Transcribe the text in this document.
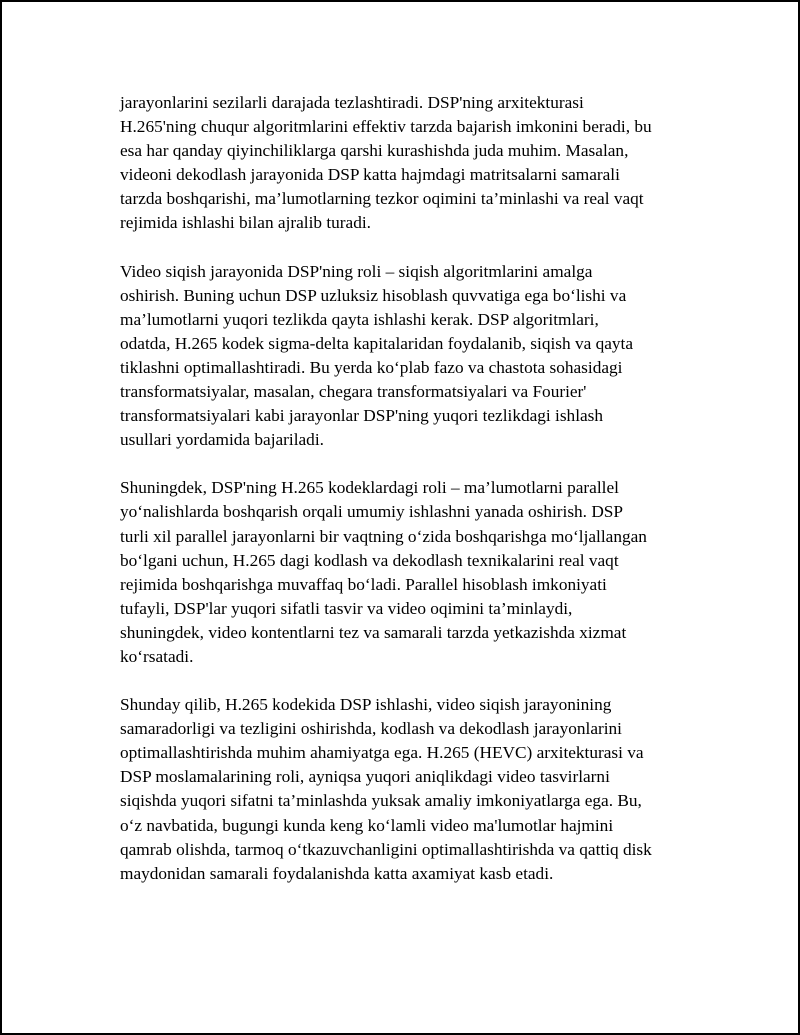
jarayonlarini sezilarli darajada tezlashtiradi. DSP'ning arxitekturasi
H.265'ning chuqur algoritmlarini effektiv tarzda bajarish imkonini beradi, bu
esa har qanday qiyinchiliklarga qarshi kurashishda juda muhim. Masalan,
videoni dekodlash jarayonida DSP katta hajmdagi matritsalarni samarali
tarzda boshqarishi, ma’lumotlarning tezkor oqimini ta’minlashi va real vaqt
rejimida ishlashi bilan ajralib turadi.

Video siqish jarayonida DSP'ning roli – siqish algoritmlarini amalga
oshirish. Buning uchun DSP uzluksiz hisoblash quvvatiga ega bo‘lishi va
ma’lumotlarni yuqori tezlikda qayta ishlashi kerak. DSP algoritmlari,
odatda, H.265 kodek sigma-delta kapitalaridan foydalanib, siqish va qayta
tiklashni optimallashtiradi. Bu yerda ko‘plab fazo va chastota sohasidagi
transformatsiyalar, masalan, chegara transformatsiyalari va Fourier'
transformatsiyalari kabi jarayonlar DSP'ning yuqori tezlikdagi ishlash
usullari yordamida bajariladi.

Shuningdek, DSP'ning H.265 kodeklardagi roli – ma’lumotlarni parallel
yo‘nalishlarda boshqarish orqali umumiy ishlashni yanada oshirish. DSP
turli xil parallel jarayonlarni bir vaqtning o‘zida boshqarishga mo‘ljallangan
bo‘lgani uchun, H.265 dagi kodlash va dekodlash texnikalarini real vaqt
rejimida boshqarishga muvaffaq bo‘ladi. Parallel hisoblash imkoniyati
tufayli, DSP'lar yuqori sifatli tasvir va video oqimini ta’minlaydi,
shuningdek, video kontentlarni tez va samarali tarzda yetkazishda xizmat
ko‘rsatadi.

Shunday qilib, H.265 kodekida DSP ishlashi, video siqish jarayonining
samaradorligi va tezligini oshirishda, kodlash va dekodlash jarayonlarini
optimallashtirishda muhim ahamiyatga ega. H.265 (HEVC) arxitekturasi va
DSP moslamalarining roli, ayniqsa yuqori aniqlikdagi video tasvirlarni
siqishda yuqori sifatni ta’minlashda yuksak amaliy imkoniyatlarga ega. Bu,
o‘z navbatida, bugungi kunda keng ko‘lamli video ma'lumotlar hajmini
qamrab olishda, tarmoq o‘tkazuvchanligini optimallashtirishda va qattiq disk
maydonidan samarali foydalanishda katta axamiyat kasb etadi.
